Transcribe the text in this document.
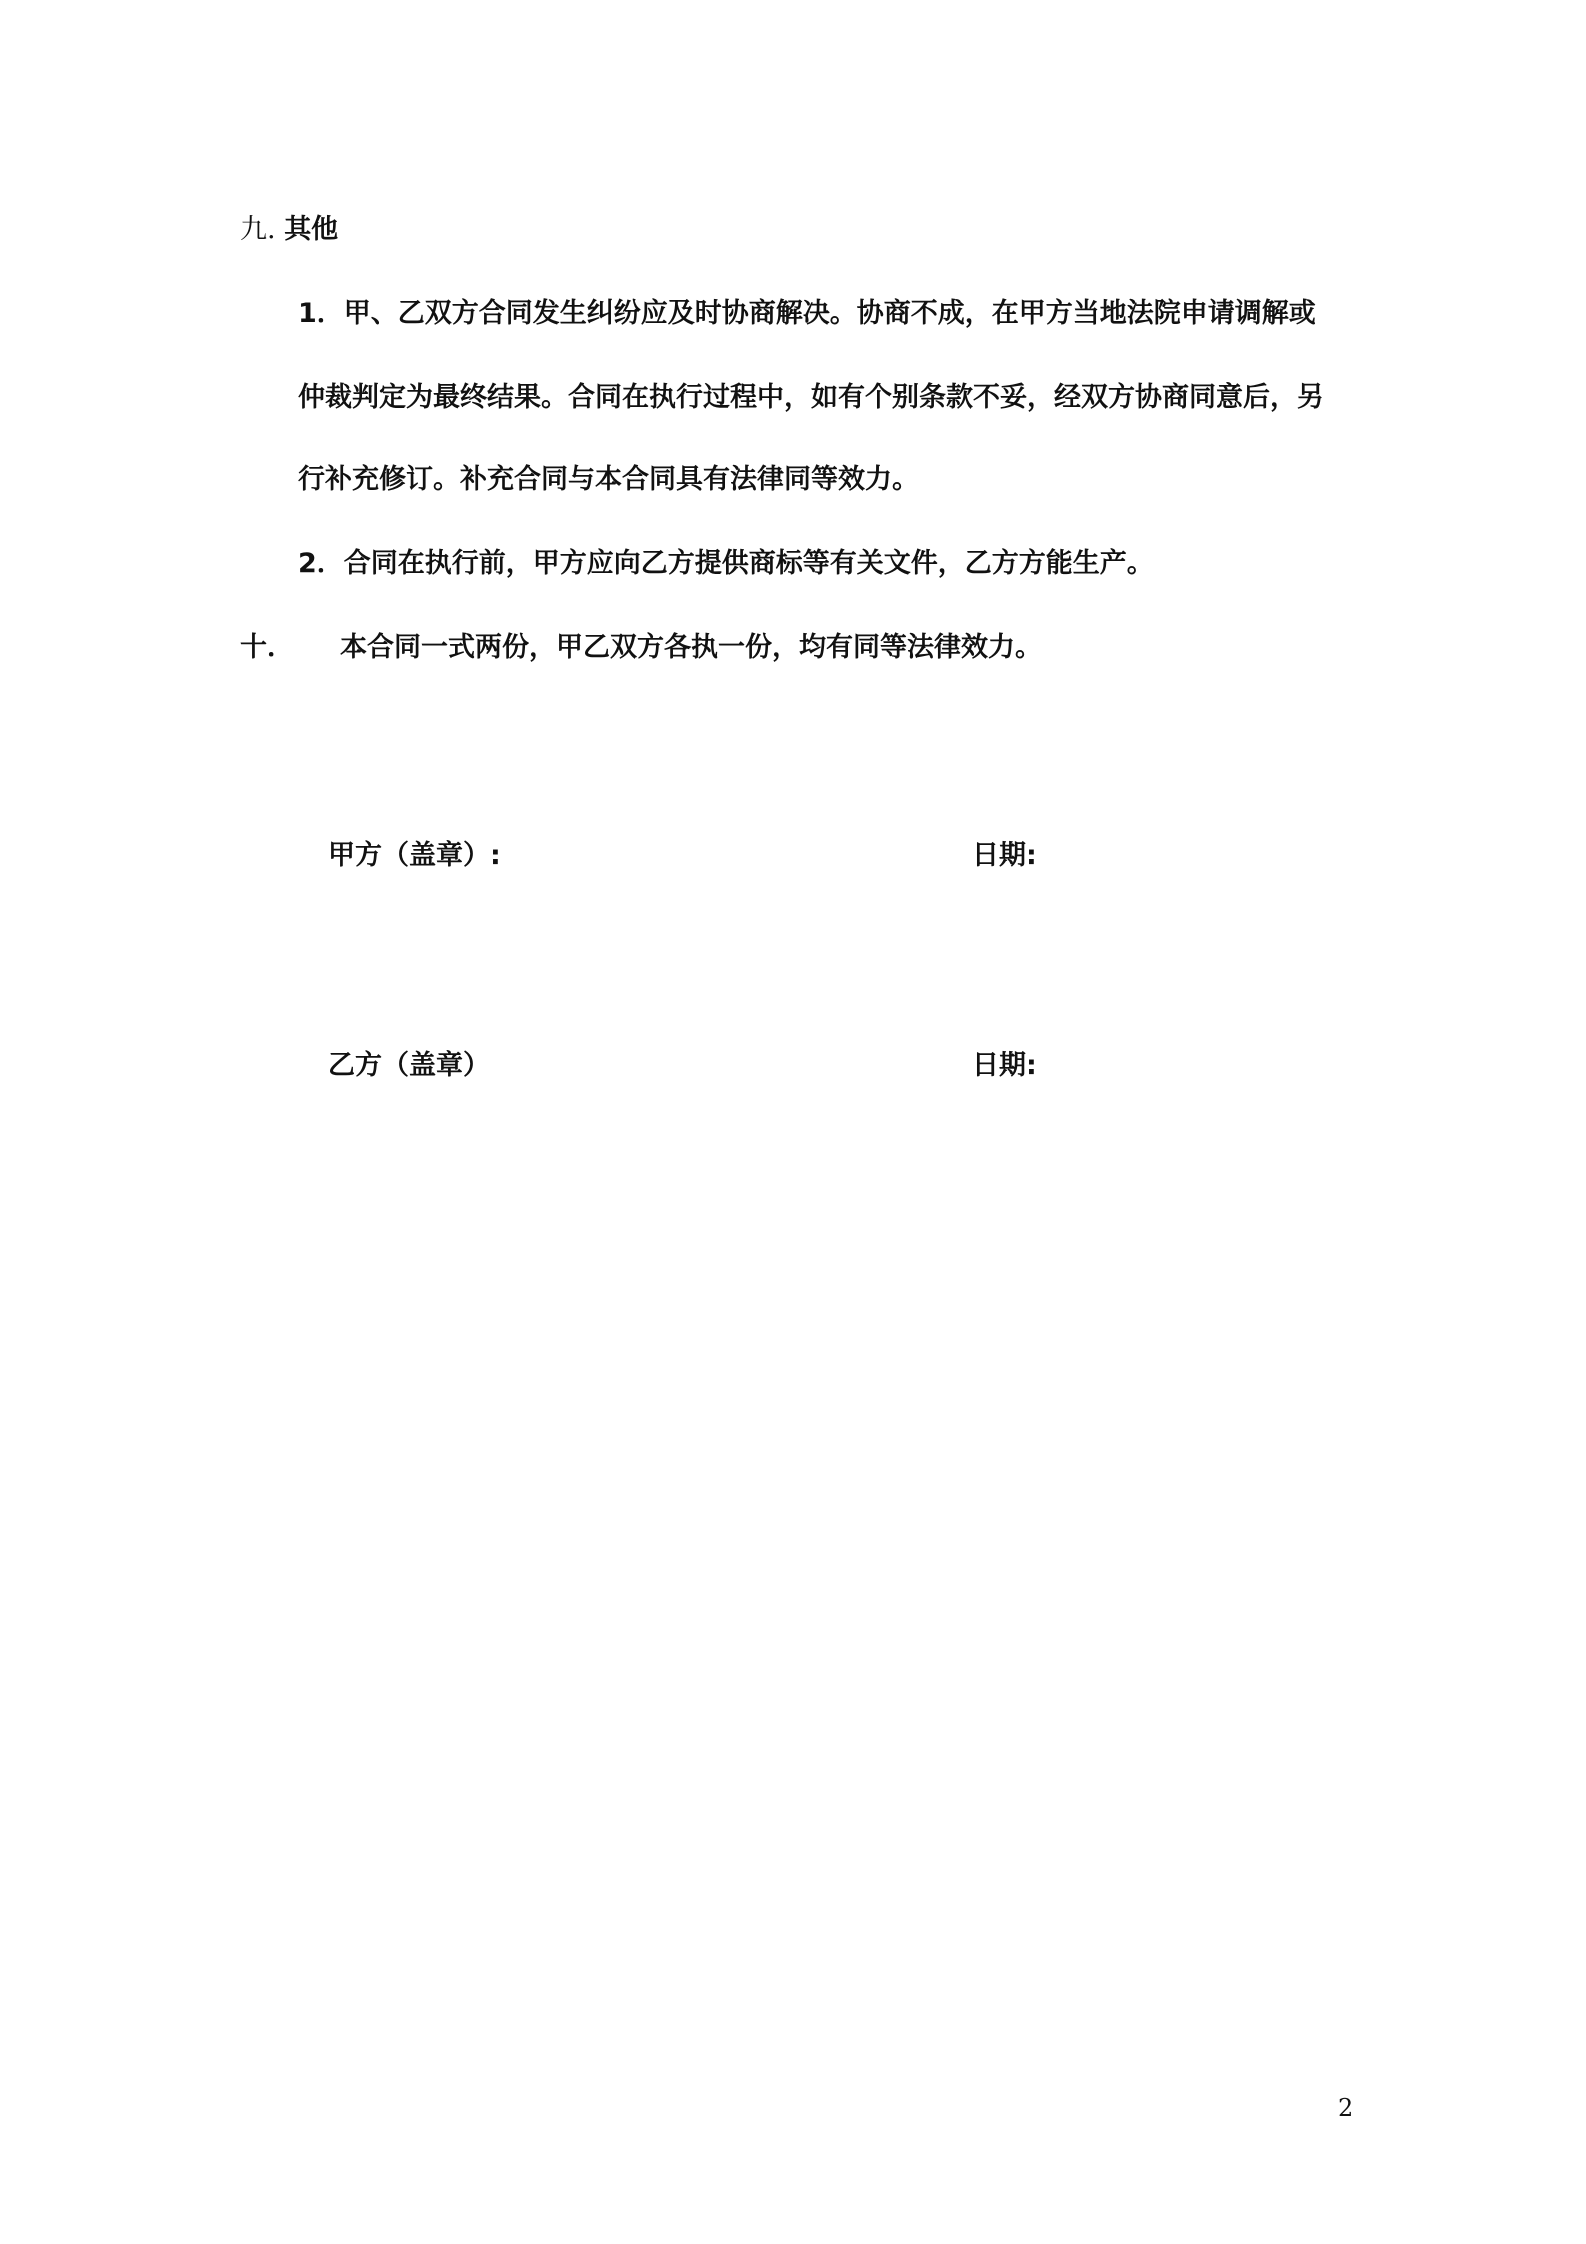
九. 其他
1．甲、乙双方合同发生纠纷应及时协商解决。协商不成，在甲方当地法院申请调解或
仲裁判定为最终结果。合同在执行过程中，如有个别条款不妥，经双方协商同意后，另
行补充修订。补充合同与本合同具有法律同等效力。
2．合同在执行前，甲方应向乙方提供商标等有关文件，乙方方能生产。
十． 本合同一式两份，甲乙双方各执一份，均有同等法律效力。
甲方（盖章）:	日期:
乙方（盖章）	日期:
2
